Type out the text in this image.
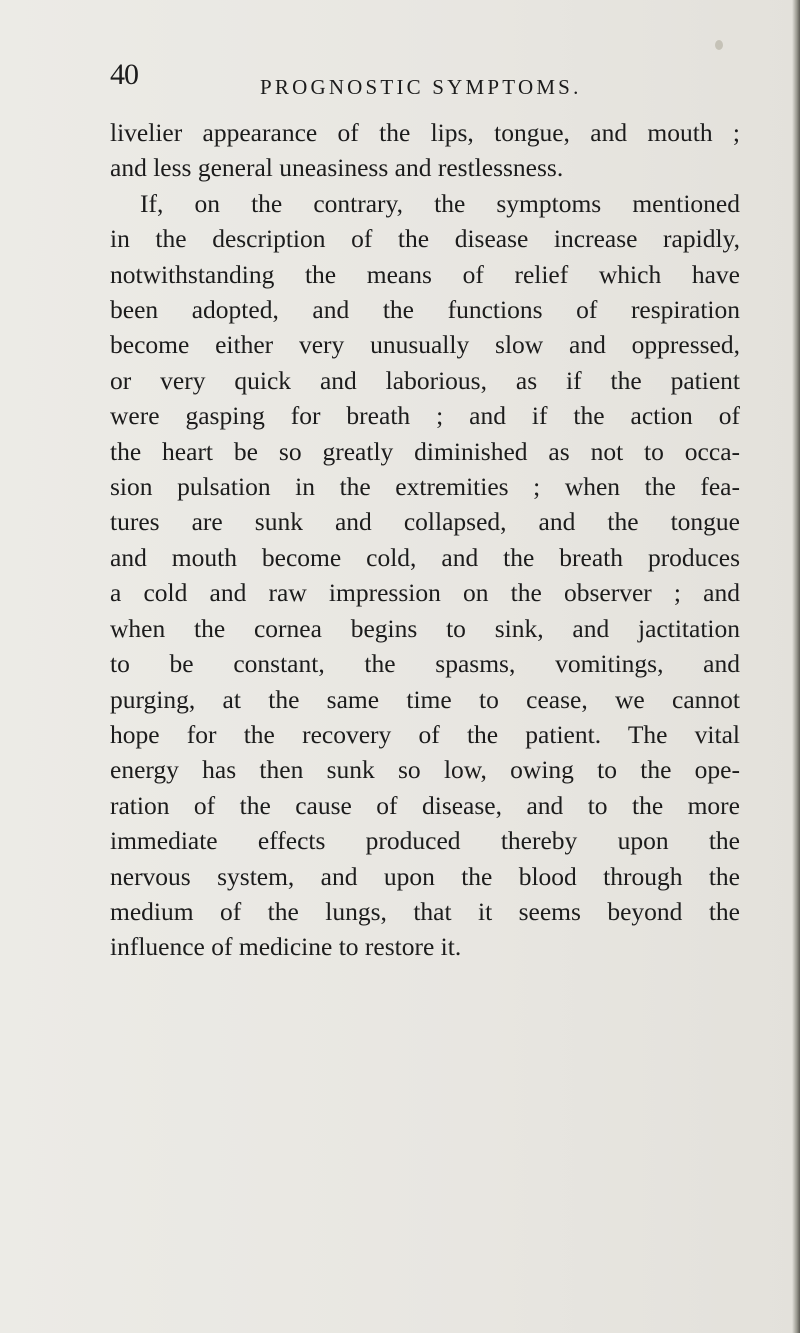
40	PROGNOSTIC SYMPTOMS.
livelier appearance of the lips, tongue, and mouth ;
and less general uneasiness and restlessness.
If, on the contrary, the symptoms mentioned
in the description of the disease increase rapidly,
notwithstanding the means of relief which have
been adopted, and the functions of respiration
become either very unusually slow and oppressed,
or very quick and laborious, as if the patient
were gasping for breath ; and if the action of
the heart be so greatly diminished as not to occa-
sion pulsation in the extremities ; when the fea-
tures are sunk and collapsed, and the tongue
and mouth become cold, and the breath produces
a cold and raw impression on the observer ; and
when the cornea begins to sink, and jactitation
to be constant, the spasms, vomitings, and
purging, at the same time to cease, we cannot
hope for the recovery of the patient. The vital
energy has then sunk so low, owing to the ope-
ration of the cause of disease, and to the more
immediate effects produced thereby upon the
nervous system, and upon the blood through the
medium of the lungs, that it seems beyond the
influence of medicine to restore it.
